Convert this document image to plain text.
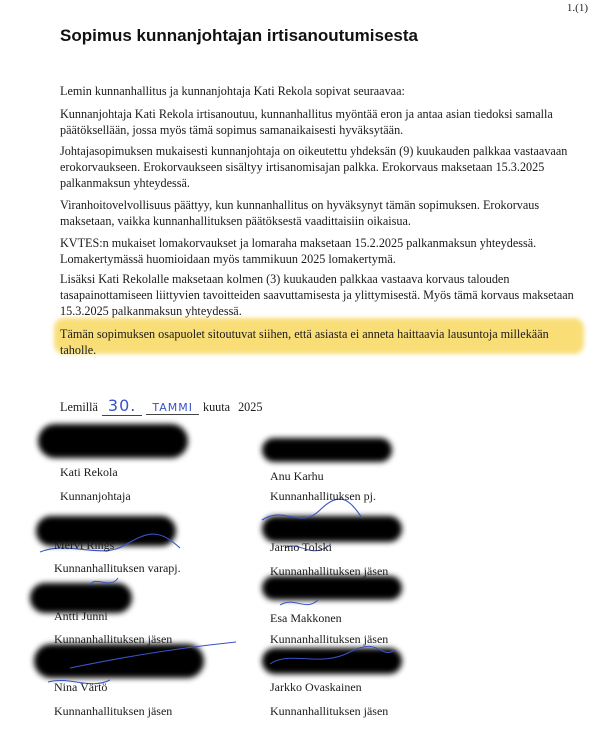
1.(1)
Sopimus kunnanjohtajan irtisanoutumisesta
Lemin kunnanhallitus ja kunnanjohtaja Kati Rekola sopivat seuraavaa:
Kunnanjohtaja Kati Rekola irtisanoutuu, kunnanhallitus myöntää eron ja antaa asian tiedoksi samalla päätöksellään, jossa myös tämä sopimus samanaikaisesti hyväksytään.
Johtajasopimuksen mukaisesti kunnanjohtaja on oikeutettu yhdeksän (9) kuukauden palkkaa vastaavaan erokorvaukseen. Erokorvaukseen sisältyy irtisanomisajan palkka. Erokorvaus maksetaan 15.3.2025 palkanmaksun yhteydessä.
Viranhoitovelvollisuus päättyy, kun kunnanhallitus on hyväksynyt tämän sopimuksen. Erokorvaus maksetaan, vaikka kunnanhallituksen päätöksestä vaadittaisiin oikaisua.
KVTES:n mukaiset lomakorvaukset ja lomaraha maksetaan 15.2.2025 palkanmaksun yhteydessä. Lomakertymässä huomioidaan myös tammikuun 2025 lomakertymä.
Lisäksi Kati Rekolalle maksetaan kolmen (3) kuukauden palkkaa vastaava korvaus talouden tasapainottamiseen liittyvien tavoitteiden saavuttamisesta ja ylittymisestä. Myös tämä korvaus maksetaan 15.3.2025 palkanmaksun yhteydessä.
Tämän sopimuksen osapuolet sitoutuvat siihen, että asiasta ei anneta haittaavia lausuntoja millekään taholle.
Lemillä 30.	TAMMI kuuta 2025
Kati Rekola
Kunnanjohtaja
Anu Karhu
Kunnanhallituksen pj.
Mervi Rings
Kunnanhallituksen varapj.
Jarmo Tolski
Kunnanhallituksen jäsen
Antti Junni
Kunnanhallituksen jäsen
Esa Makkonen
Kunnanhallituksen jäsen
Nina Värtö
Kunnanhallituksen jäsen
Jarkko Ovaskainen
Kunnanhallituksen jäsen
